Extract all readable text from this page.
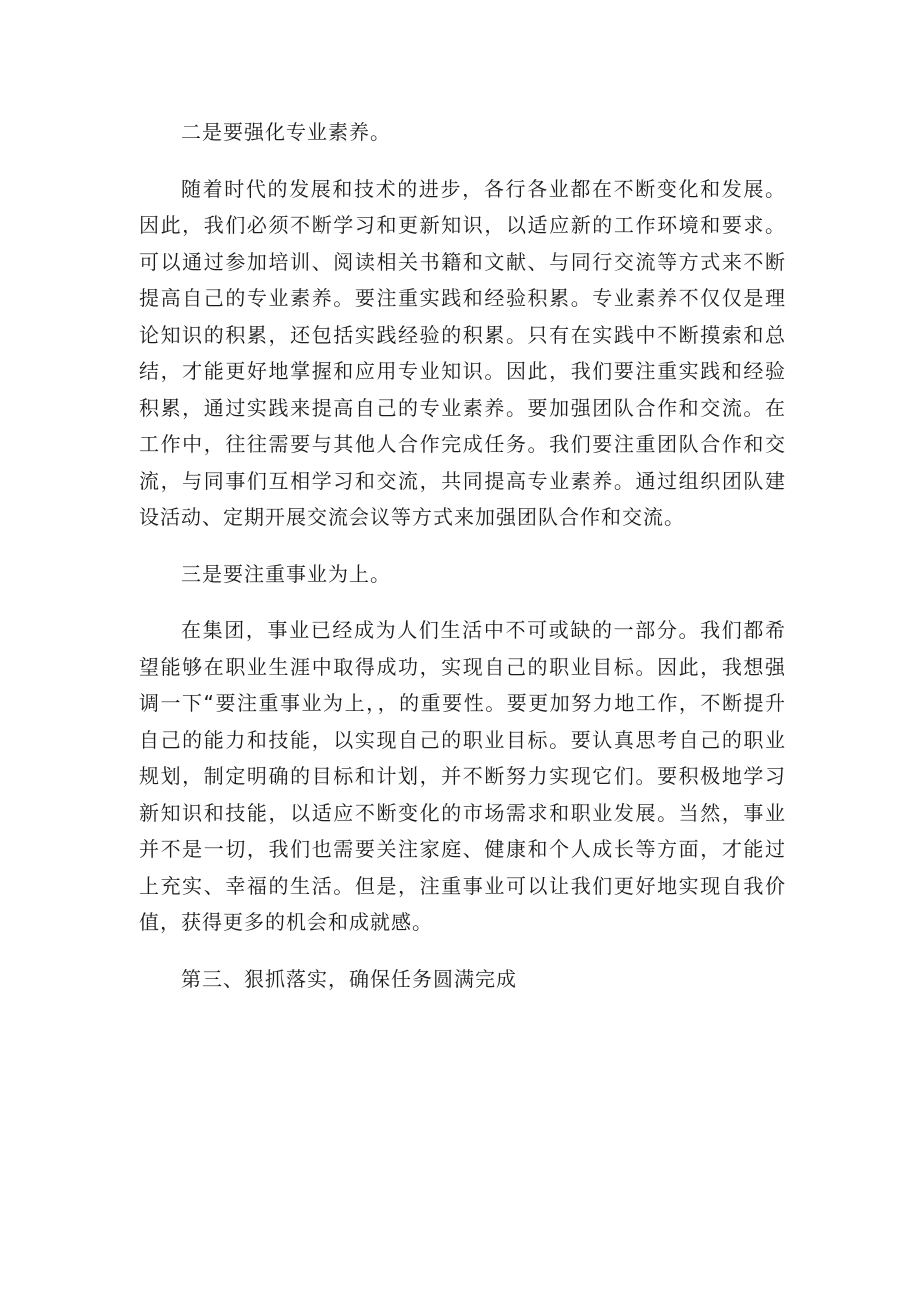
二是要强化专业素养。

随着时代的发展和技术的进步，各行各业都在不断变化和发展。因此，我们必须不断学习和更新知识，以适应新的工作环境和要求。可以通过参加培训、阅读相关书籍和文献、与同行交流等方式来不断提高自己的专业素养。要注重实践和经验积累。专业素养不仅仅是理论知识的积累，还包括实践经验的积累。只有在实践中不断摸索和总结，才能更好地掌握和应用专业知识。因此，我们要注重实践和经验积累，通过实践来提高自己的专业素养。要加强团队合作和交流。在工作中，往往需要与其他人合作完成任务。我们要注重团队合作和交流，与同事们互相学习和交流，共同提高专业素养。通过组织团队建设活动、定期开展交流会议等方式来加强团队合作和交流。

三是要注重事业为上。

在集团，事业已经成为人们生活中不可或缺的一部分。我们都希望能够在职业生涯中取得成功，实现自己的职业目标。因此，我想强调一下“要注重事业为上，，的重要性。要更加努力地工作，不断提升自己的能力和技能，以实现自己的职业目标。要认真思考自己的职业规划，制定明确的目标和计划，并不断努力实现它们。要积极地学习新知识和技能，以适应不断变化的市场需求和职业发展。当然，事业并不是一切，我们也需要关注家庭、健康和个人成长等方面，才能过上充实、幸福的生活。但是，注重事业可以让我们更好地实现自我价值，获得更多的机会和成就感。

第三、狠抓落实，确保任务圆满完成
